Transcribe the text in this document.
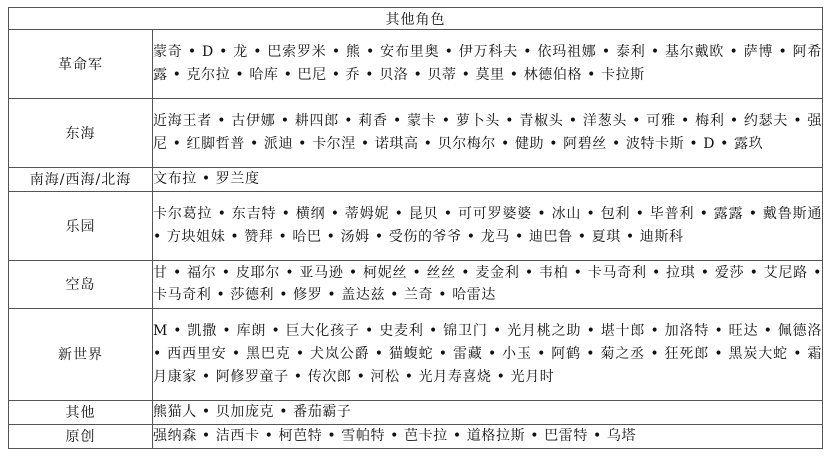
其他角色	
革命军	蒙奇 • D • 龙 • 巴索罗米 • 熊 • 安布里奥 • 伊万科夫 • 依玛祖娜 • 泰利 • 基尔戴欧 • 萨博 • 阿希露 • 克尔拉 • 哈库 • 巴尼 • 乔 • 贝洛 • 贝蒂 • 莫里 • 林德伯格 • 卡拉斯
东海	近海王者 • 古伊娜 • 耕四郎 • 莉香 • 蒙卡 • 萝卜头 • 青椒头 • 洋葱头 • 可雅 • 梅利 • 约瑟夫 • 强尼 • 红脚哲普 • 派迪 • 卡尔涅 • 诺琪高 • 贝尔梅尔 • 健助 • 阿碧丝 • 波特卡斯 • D • 露玖
南海/西海/北海	文布拉 • 罗兰度
乐园	卡尔葛拉 • 东吉特 • 横纲 • 蒂姆妮 • 昆贝 • 可可罗婆婆 • 冰山 • 包利 • 毕普利 • 露露 • 戴鲁斯通 • 方块姐妹 • 赞拜 • 哈巴 • 汤姆 • 受伤的爷爷 • 龙马 • 迪巴鲁 • 夏琪 • 迪斯科
空岛	甘 • 福尔 • 皮耶尔 • 亚马逊 • 柯妮丝 • 丝丝 • 麦金利 • 韦柏 • 卡马奇利 • 拉琪 • 爱莎 • 艾尼路 • 卡马奇利 • 莎德利 • 修罗 • 盖达兹 • 兰奇 • 哈雷达
新世界	M • 凯撒 • 库朗 • 巨大化孩子 • 史麦利 • 锦卫门 • 光月桃之助 • 堪十郎 • 加洛特 • 旺达 • 佩德洛 • 西西里安 • 黑巴克 • 犬岚公爵 • 猫蝮蛇 • 雷藏 • 小玉 • 阿鹤 • 菊之丞 • 狂死郎 • 黑炭大蛇 • 霜月康家 • 阿修罗童子 • 传次郎 • 河松 • 光月寿喜烧 • 光月时
其他	熊猫人 • 贝加庞克 • 番茄霸子
原创	强纳森 • 洁西卡 • 柯芭特 • 雪帕特 • 芭卡拉 • 道格拉斯 • 巴雷特 • 乌塔
